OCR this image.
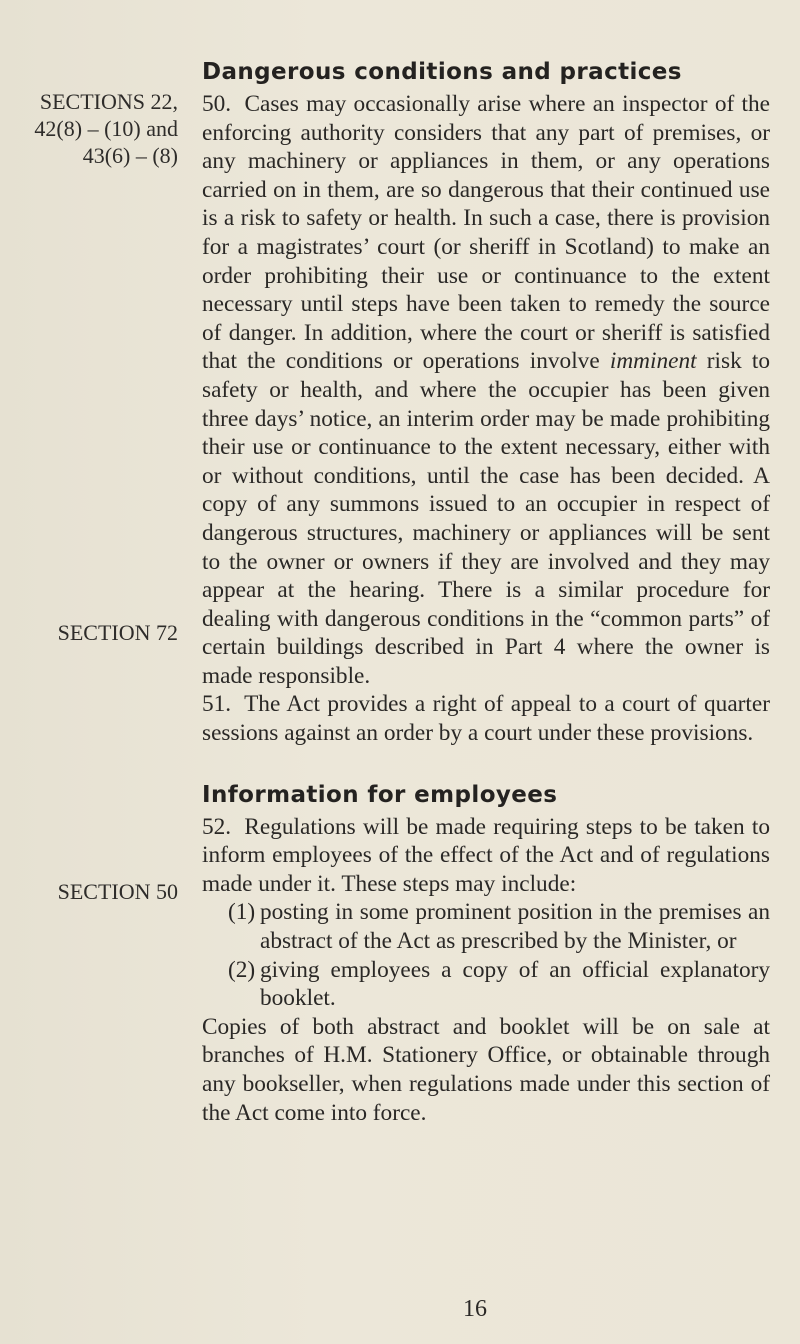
SECTIONS 22,
42(8) – (10) and
43(6) – (8)
SECTION 72
SECTION 50
Dangerous conditions and practices

50. Cases may occasionally arise where an inspector of the enforcing authority considers that any part of premises, or any machinery or appliances in them, or any operations carried on in them, are so dangerous that their continued use is a risk to safety or health. In such a case, there is provision for a magistrates’ court (or sheriff in Scotland) to make an order prohibiting their use or continuance to the extent necessary until steps have been taken to remedy the source of danger. In addition, where the court or sheriff is satisfied that the conditions or operations involve imminent risk to safety or health, and where the occupier has been given three days’ notice, an interim order may be made prohibiting their use or continuance to the extent necessary, either with or without conditions, until the case has been decided. A copy of any summons issued to an occupier in respect of dangerous structures, machinery or appliances will be sent to the owner or owners if they are involved and they may appear at the hearing. There is a similar procedure for dealing with dangerous conditions in the “common parts” of certain buildings described in Part 4 where the owner is made responsible.

51. The Act provides a right of appeal to a court of quarter sessions against an order by a court under these provisions.

Information for employees

52. Regulations will be made requiring steps to be taken to inform employees of the effect of the Act and of regulations made under it. These steps may include:

(1) posting in some prominent position in the premises an abstract of the Act as prescribed by the Minister, or
(2) giving employees a copy of an official explanatory booklet.

Copies of both abstract and booklet will be on sale at branches of H.M. Stationery Office, or obtainable through any bookseller, when regulations made under this section of the Act come into force.

16
